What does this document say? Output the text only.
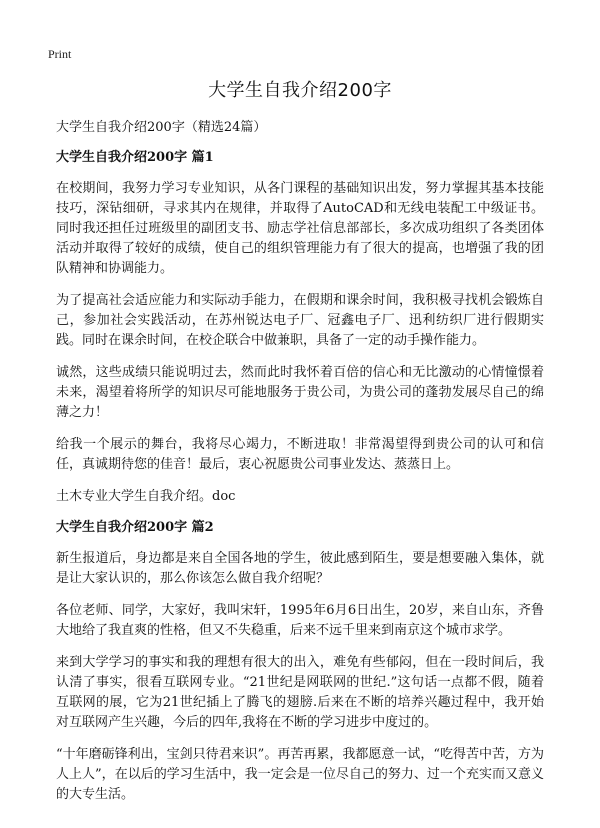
Print
大学生自我介绍200字

大学生自我介绍200字（精选24篇）

大学生自我介绍200字 篇1

在校期间，我努力学习专业知识，从各门课程的基础知识出发，努力掌握其基本技能技巧，深钻细研，寻求其内在规律，并取得了AutoCAD和无线电装配工中级证书。同时我还担任过班级里的副团支书、励志学社信息部部长，多次成功组织了各类团体活动并取得了较好的成绩，使自己的组织管理能力有了很大的提高，也增强了我的团队精神和协调能力。

为了提高社会适应能力和实际动手能力，在假期和课余时间，我积极寻找机会锻炼自己，参加社会实践活动，在苏州锐达电子厂、冠鑫电子厂、迅利纺织厂进行假期实践。同时在课余时间，在校企联合中做兼职，具备了一定的动手操作能力。

诚然，这些成绩只能说明过去，然而此时我怀着百倍的信心和无比激动的心情憧憬着未来，渴望着将所学的知识尽可能地服务于贵公司，为贵公司的蓬勃发展尽自己的绵薄之力！

给我一个展示的舞台，我将尽心竭力，不断进取！非常渴望得到贵公司的认可和信任，真诚期待您的佳音！最后，衷心祝愿贵公司事业发达、蒸蒸日上。

土木专业大学生自我介绍。doc

大学生自我介绍200字 篇2

新生报道后，身边都是来自全国各地的学生，彼此感到陌生，要是想要融入集体，就是让大家认识的，那么你该怎么做自我介绍呢？

各位老师、同学，大家好，我叫宋轩，1995年6月6日出生，20岁，来自山东，齐鲁大地给了我直爽的性格，但又不失稳重，后来不远千里来到南京这个城市求学。

来到大学学习的事实和我的理想有很大的出入，难免有些郁闷，但在一段时间后，我认清了事实，很看互联网专业。“21世纪是网联网的世纪.”这句话一点都不假，随着互联网的展，它为21世纪插上了腾飞的翅膀.后来在不断的培养兴趣过程中，我开始对互联网产生兴趣，今后的四年,我将在不断的学习进步中度过的。

“十年磨砺锋利出，宝剑只待君来识”。再苦再累，我都愿意一试，“吃得苦中苦，方为人上人”，在以后的学习生活中，我一定会是一位尽自己的努力、过一个充实而又意义的大专生活。
